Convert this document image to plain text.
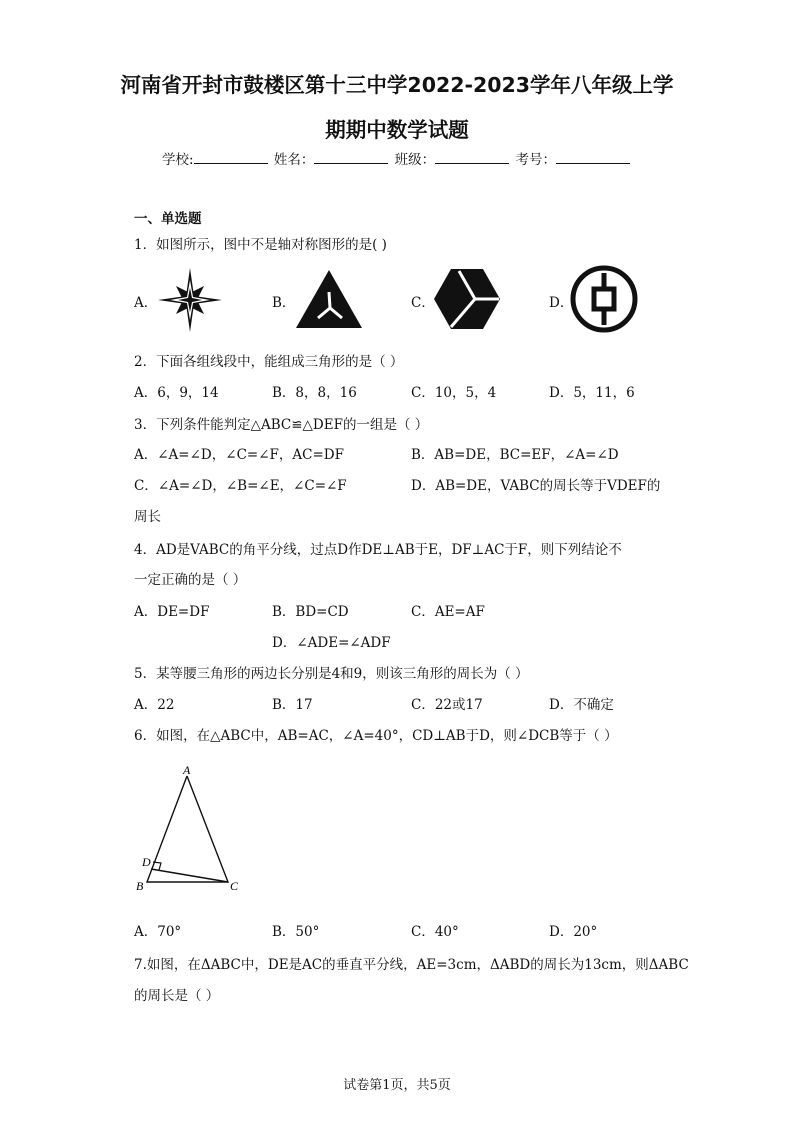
河南省开封市鼓楼区第十三中学2022-2023学年八年级上学
期期中数学试题
学校:	姓名：	班级：	考号：
一、单选题
1．如图所示，图中不是轴对称图形的是( )
A．	B．	C．	D．
2．下面各组线段中，能组成三角形的是（ ）
A．6，9，14	B．8，8，16	C．10，5，4	D．5，11，6
3．下列条件能判定△ABC≌△DEF的一组是（ ）
A．∠A=∠D，∠C=∠F，AC=DF	B．AB=DE，BC=EF，∠A=∠D
C．∠A=∠D，∠B=∠E，∠C=∠F	D．AB=DE，VABC的周长等于VDEF的
周长
4．AD是VABC的角平分线，过点D作DE⊥AB于E，DF⊥AC于F，则下列结论不
一定正确的是（ ）
A．DE=DF	B．BD=CD	C．AE=AF
D．∠ADE=∠ADF
5．某等腰三角形的两边长分别是4和9，则该三角形的周长为（ ）
A．22	B．17	C．22或17	D．不确定
6．如图，在△ABC中，AB=AC，∠A=40°，CD⊥AB于D，则∠DCB等于（ ）
A
D
B	C
A．70°	B．50°	C．40°	D．20°
7.如图，在ΔABC中，DE是AC的垂直平分线，AE=3cm，ΔABD的周长为13cm，则ΔABC
的周长是（ ）
试卷第1页，共5页
